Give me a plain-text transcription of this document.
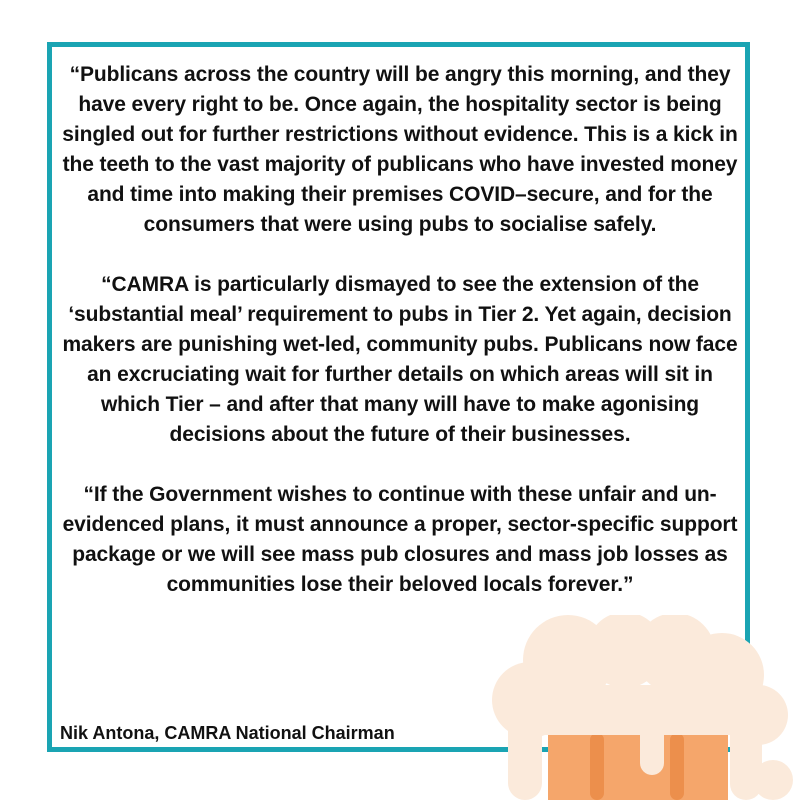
“Publicans across the country will be angry this morning, and they have every right to be. Once again, the hospitality sector is being singled out for further restrictions without evidence. This is a kick in the teeth to the vast majority of publicans who have invested money and time into making their premises COVID–secure, and for the consumers that were using pubs to socialise safely.

“CAMRA is particularly dismayed to see the extension of the ‘substantial meal’ requirement to pubs in Tier 2. Yet again, decision makers are punishing wet-led, community pubs. Publicans now face an excruciating wait for further details on which areas will sit in which Tier – and after that many will have to make agonising decisions about the future of their businesses.

“If the Government wishes to continue with these unfair and un-evidenced plans, it must announce a proper, sector-specific support package or we will see mass pub closures and mass job losses as communities lose their beloved locals forever.”

Nik Antona, CAMRA National Chairman
